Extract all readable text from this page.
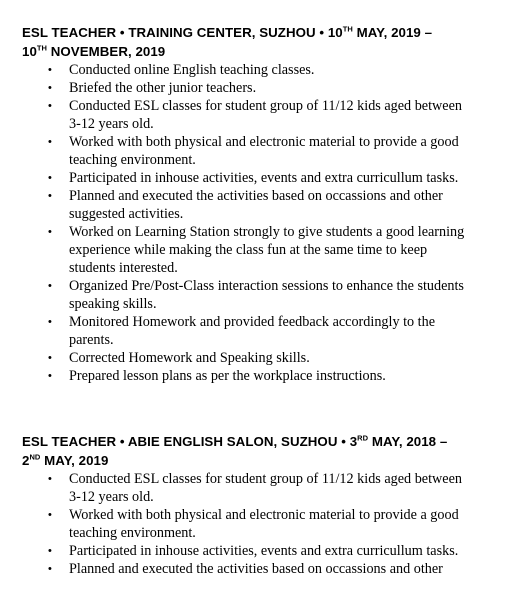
ESL TEACHER • TRAINING CENTER, SUZHOU • 10TH MAY, 2019 –
10TH NOVEMBER, 2019

• Conducted online English teaching classes.
• Briefed the other junior teachers.
• Conducted ESL classes for student group of 11/12 kids aged between 3-12 years old.
• Worked with both physical and electronic material to provide a good teaching environment.
• Participated in inhouse activities, events and extra curricullum tasks.
• Planned and executed the activities based on occassions and other suggested activities.
• Worked on Learning Station strongly to give students a good learning experience while making the class fun at the same time to keep students interested.
• Organized Pre/Post-Class interaction sessions to enhance the students speaking skills.
• Monitored Homework and provided feedback accordingly to the parents.
• Corrected Homework and Speaking skills.
• Prepared lesson plans as per the workplace instructions.

ESL TEACHER • ABIE ENGLISH SALON, SUZHOU • 3RD MAY, 2018 –
2ND MAY, 2019

• Conducted ESL classes for student group of 11/12 kids aged between 3-12 years old.
• Worked with both physical and electronic material to provide a good teaching environment.
• Participated in inhouse activities, events and extra curricullum tasks.
• Planned and executed the activities based on occassions and other
